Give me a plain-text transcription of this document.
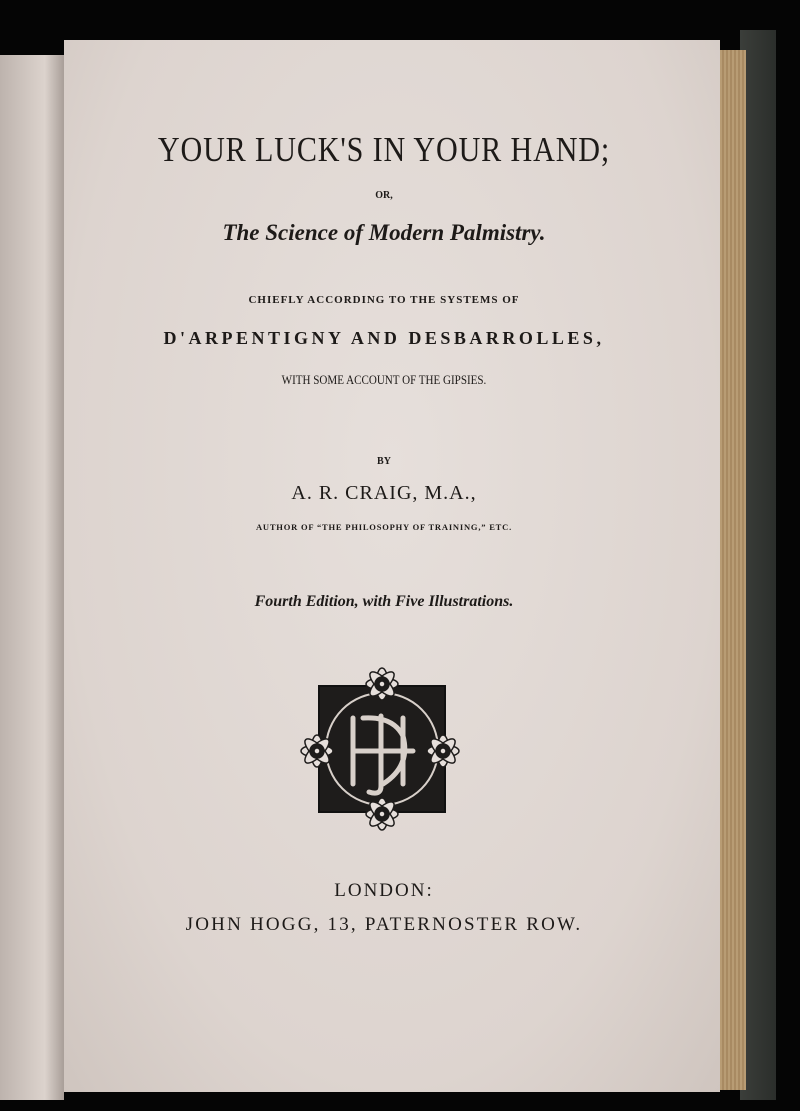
YOUR LUCK'S IN YOUR HAND;
OR,
The Science of Modern Palmistry.
CHIEFLY ACCORDING TO THE SYSTEMS OF
D'ARPENTIGNY AND DESBARROLLES,
WITH SOME ACCOUNT OF THE GIPSIES.
BY
A. R. CRAIG, M.A.,
AUTHOR OF “THE PHILOSOPHY OF TRAINING,” ETC.
Fourth Edition, with Five Illustrations.
LONDON:
JOHN HOGG, 13, PATERNOSTER ROW.
